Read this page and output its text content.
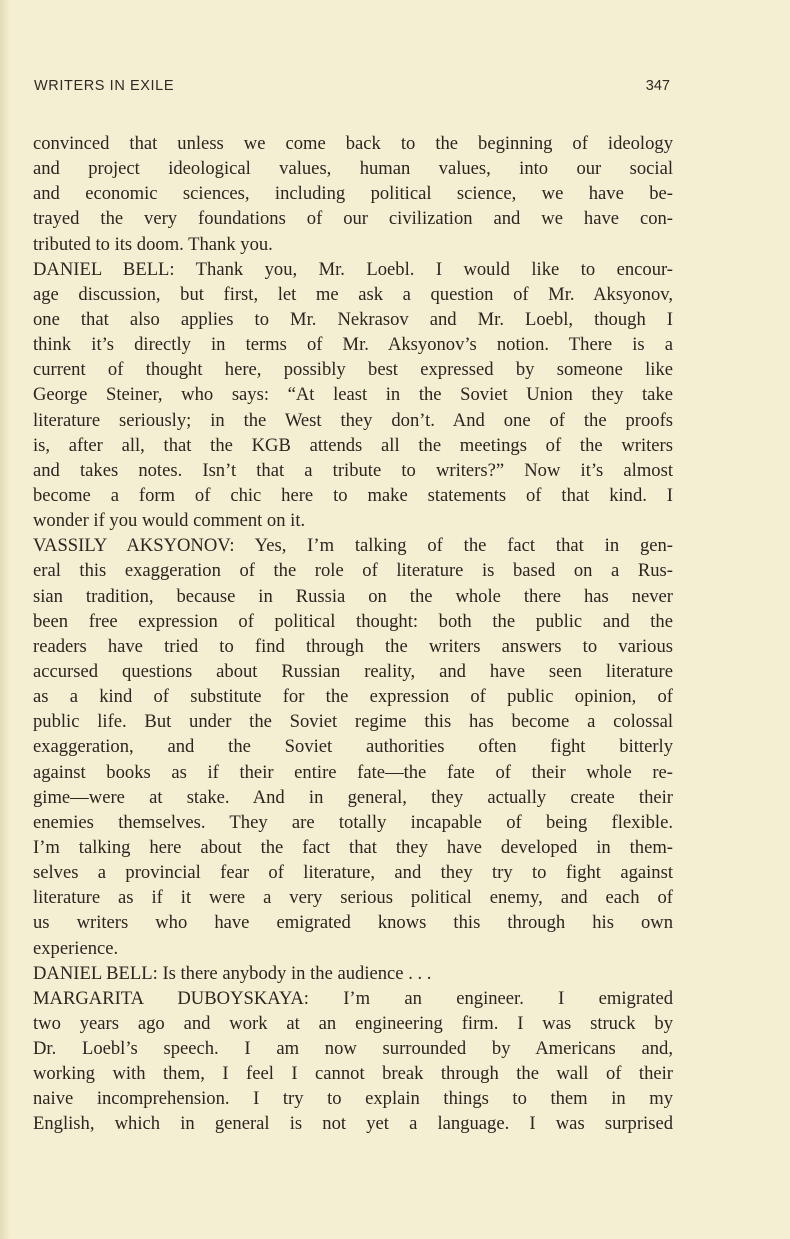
WRITERS IN EXILE	347
convinced that unless we come back to the beginning of ideology
and project ideological values, human values, into our social
and economic sciences, including political science, we have be-
trayed the very foundations of our civilization and we have con-
tributed to its doom. Thank you.
DANIEL BELL: Thank you, Mr. Loebl. I would like to encour-
age discussion, but first, let me ask a question of Mr. Aksyonov,
one that also applies to Mr. Nekrasov and Mr. Loebl, though I
think it’s directly in terms of Mr. Aksyonov’s notion. There is a
current of thought here, possibly best expressed by someone like
George Steiner, who says: “At least in the Soviet Union they take
literature seriously; in the West they don’t. And one of the proofs
is, after all, that the KGB attends all the meetings of the writers
and takes notes. Isn’t that a tribute to writers?” Now it’s almost
become a form of chic here to make statements of that kind. I
wonder if you would comment on it.
VASSILY AKSYONOV: Yes, I’m talking of the fact that in gen-
eral this exaggeration of the role of literature is based on a Rus-
sian tradition, because in Russia on the whole there has never
been free expression of political thought: both the public and the
readers have tried to find through the writers answers to various
accursed questions about Russian reality, and have seen literature
as a kind of substitute for the expression of public opinion, of
public life. But under the Soviet regime this has become a colossal
exaggeration, and the Soviet authorities often fight bitterly
against books as if their entire fate—the fate of their whole re-
gime—were at stake. And in general, they actually create their
enemies themselves. They are totally incapable of being flexible.
I’m talking here about the fact that they have developed in them-
selves a provincial fear of literature, and they try to fight against
literature as if it were a very serious political enemy, and each of
us writers who have emigrated knows this through his own
experience.
DANIEL BELL: Is there anybody in the audience . . .
MARGARITA DUBOYSKAYA: I’m an engineer. I emigrated
two years ago and work at an engineering firm. I was struck by
Dr. Loebl’s speech. I am now surrounded by Americans and,
working with them, I feel I cannot break through the wall of their
naive incomprehension. I try to explain things to them in my
English, which in general is not yet a language. I was surprised
